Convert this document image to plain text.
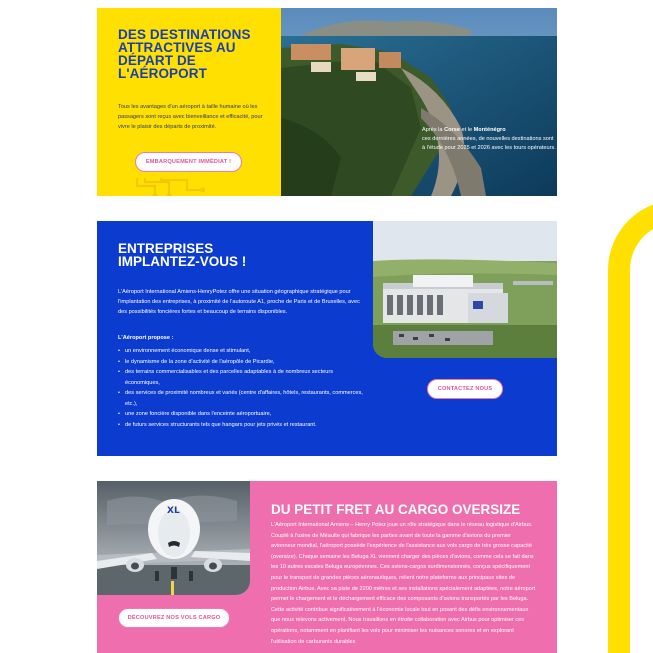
DES DESTINATIONS ATTRACTIVES AU DÉPART DE L'AÉROPORT

Tous les avantages d'un aéroport à taille humaine où les passagers sont reçus avec bienveillance et efficacité, pour vivre le plaisir des départs de proximité.

EMBARQUEMENT IMMÉDIAT !

Après la Corse et le Monténégro
ces dernières années, de nouvelles destinations sont à l'étude pour 2025 et 2026 avec les tours opérateurs.

ENTREPRISES
IMPLANTEZ-VOUS !

L'Aéroport International Amiens-HenryPotez offre une situation géographique stratégique pour l'implantation des entreprises, à proximité de l'autoroute A1, proche de Paris et de Bruxelles, avec des possibilités foncières fortes et beaucoup de terrains disponibles.

L'Aéroport propose :

• un environnement économique dense et stimulant,
• le dynamisme de la zone d'activité de l'aéropôle de Picardie,
• des terrains commercialisables et des parcelles adaptables à de nombreux secteurs économiques,
• des services de proximité nombreux et variés (centre d'affaires, hôtels, restaurants, commerces, etc.),
• une zone foncière disponible dans l'enceinte aéroportuaire,
• de futurs services structurants tels que hangars pour jets privés et restaurant.
CONTACTEZ NOUS
XL
DÉCOUVREZ NOS VOLS CARGO
DU PETIT FRET AU CARGO OVERSIZE

L'Aéroport International Amiens – Henry Potez joue un rôle stratégique dans le réseau logistique d'Airbus. Couplé à l'usine de Méaulte qui fabrique les parties avant de toute la gamme d'avions du premier avionneur mondial, l'aéroport possède l'expérience de l'assistance aux vols cargo de très grosse capacité (oversize). Chaque semaine les Beluga XL viennent charger des pièces d'avions, comme cela se fait dans les 10 autres escales Beluga européennes. Ces avions-cargos surdimensionnés, conçus spécifiquement pour le transport de grandes pièces aéronautiques, relient notre plateforme aux principaux sites de production Airbus. Avec sa piste de 2200 mètres et ses installations spécialement adaptées, notre aéroport permet le chargement et le déchargement efficace des composants d'avions transportés par les Beluga. Cette activité contribue significativement à l'économie locale tout en posant des défis environnementaux que nous relevons activement. Nous travaillons en étroite collaboration avec Airbus pour optimiser ces opérations, notamment en planifiant les vols pour minimiser les nuisances sonores et en explorant l'utilisation de carburants durables
